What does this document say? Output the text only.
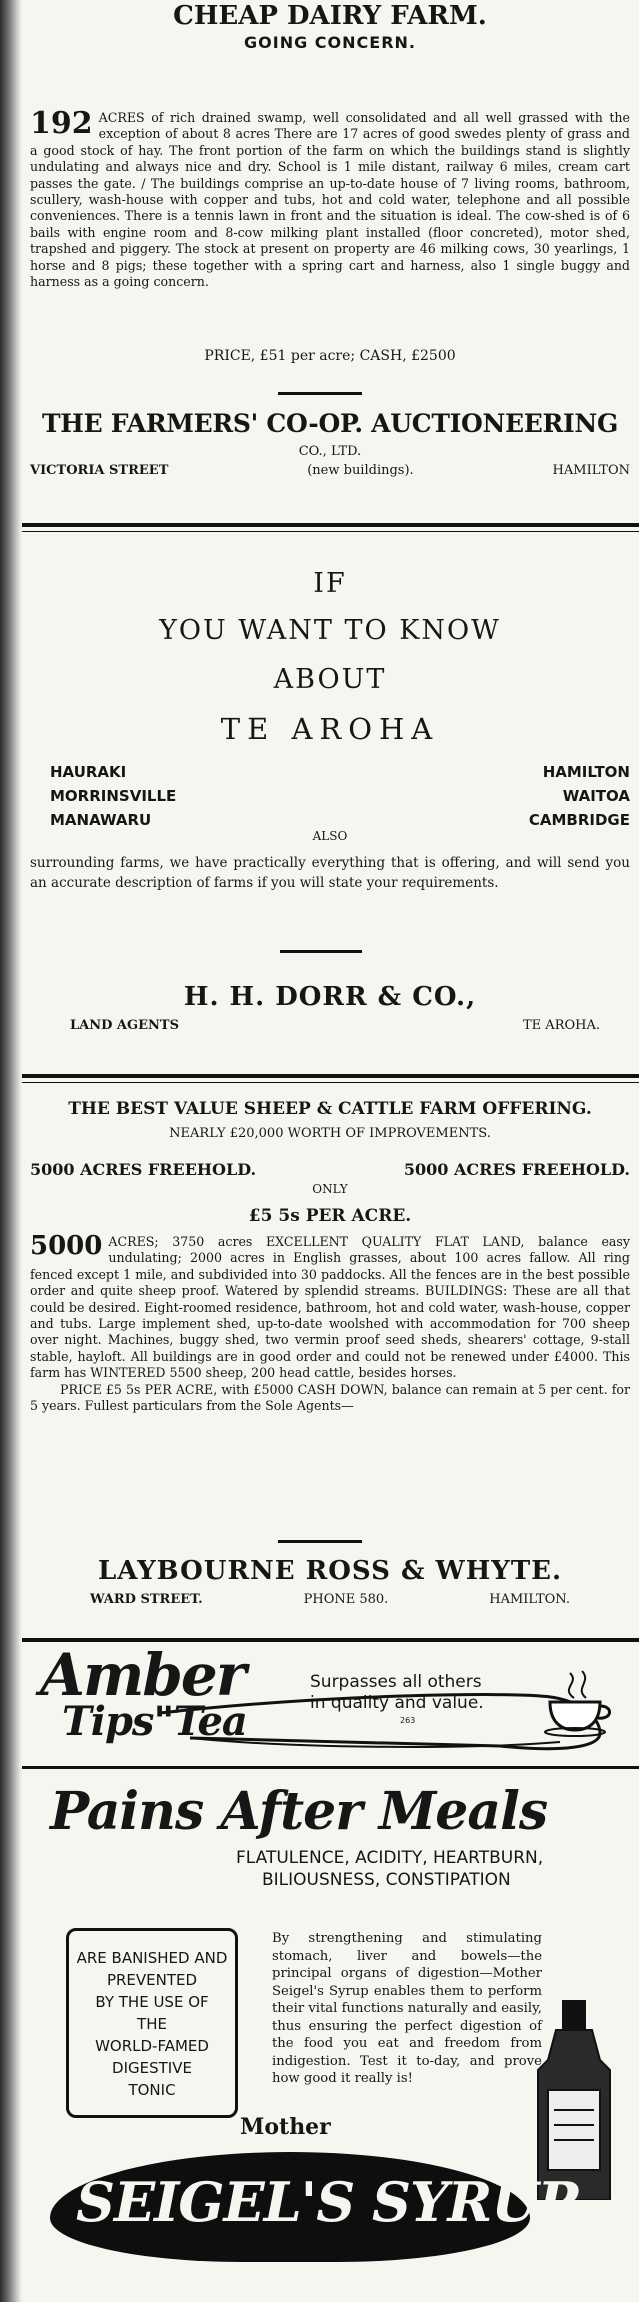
CHEAP DAIRY FARM.
GOING CONCERN.

192 ACRES of rich drained swamp, well consolidated and all well grassed with the exception of about 8 acres There are 17 acres of good swedes plenty of grass and a good stock of hay. The front portion of the farm on which the buildings stand is slightly undulating and always nice and dry. School is 1 mile distant, railway 6 miles, cream cart passes the gate. / The buildings comprise an up-to-date house of 7 living rooms, bathroom, scullery, wash-house with copper and tubs, hot and cold water, telephone and all possible conveniences. There is a tennis lawn in front and the situation is ideal. The cow-shed is of 6 bails with engine room and 8-cow milking plant installed (floor concreted), motor shed, trapshed and piggery. The stock at present on property are 46 milking cows, 30 yearlings, 1 horse and 8 pigs; these together with a spring cart and harness, also 1 single buggy and harness as a going concern.

PRICE, £51 per acre; CASH, £2500
THE FARMERS' CO-OP. AUCTIONEERING
CO., LTD.
VICTORIA STREET	(new buildings).	HAMILTON
IF
YOU WANT TO KNOW
ABOUT
TE AROHA
HAURAKI
MORRINSVILLE
MANAWARU
HAMILTON
WAITOA
CAMBRIDGE
ALSO
surrounding farms, we have practically everything that is offering, and will send you an accurate description of farms if you will state your requirements.
H. H. DORR & CO.,
LAND AGENTS	TE AROHA.
THE BEST VALUE SHEEP & CATTLE FARM OFFERING.
NEARLY £20,000 WORTH OF IMPROVEMENTS.
5000 ACRES FREEHOLD.	5000 ACRES FREEHOLD.
ONLY
£5 5s PER ACRE.

5000 ACRES; 3750 acres EXCELLENT QUALITY FLAT LAND, balance easy undulating; 2000 acres in English grasses, about 100 acres fallow. All ring fenced except 1 mile, and subdivided into 30 paddocks. All the fences are in the best possible order and quite sheep proof. Watered by splendid streams. BUILDINGS: These are all that could be desired. Eight-roomed residence, bathroom, hot and cold water, wash-house, copper and tubs. Large implement shed, up-to-date woolshed with accommodation for 700 sheep over night. Machines, buggy shed, two vermin proof seed sheds, shearers' cottage, 9-stall stable, hayloft. All buildings are in good order and could not be renewed under £4000. This farm has WINTERED 5500 sheep, 200 head cattle, besides horses.

PRICE £5 5s PER ACRE, with £5000 CASH DOWN, balance can remain at 5 per cent. for 5 years. Fullest particulars from the Sole Agents—

LAYBOURNE ROSS & WHYTE.
WARD STREET.	PHONE 580.	HAMILTON.
Amber
Tips"Tea
Surpasses all others
in quality and value.
263
Pains After Meals
FLATULENCE, ACIDITY, HEARTBURN,
BILIOUSNESS, CONSTIPATION
ARE BANISHED AND
PREVENTED
BY THE USE OF
THE
WORLD-FAMED
DIGESTIVE
TONIC
By strengthening and stimulating stomach, liver and bowels—the principal organs of digestion—Mother Seigel's Syrup enables them to perform their vital functions naturally and easily, thus ensuring the perfect digestion of the food you eat and freedom from indigestion. Test it to-day, and prove how good it really is!
Mother
SEIGEL'S SYRUP
